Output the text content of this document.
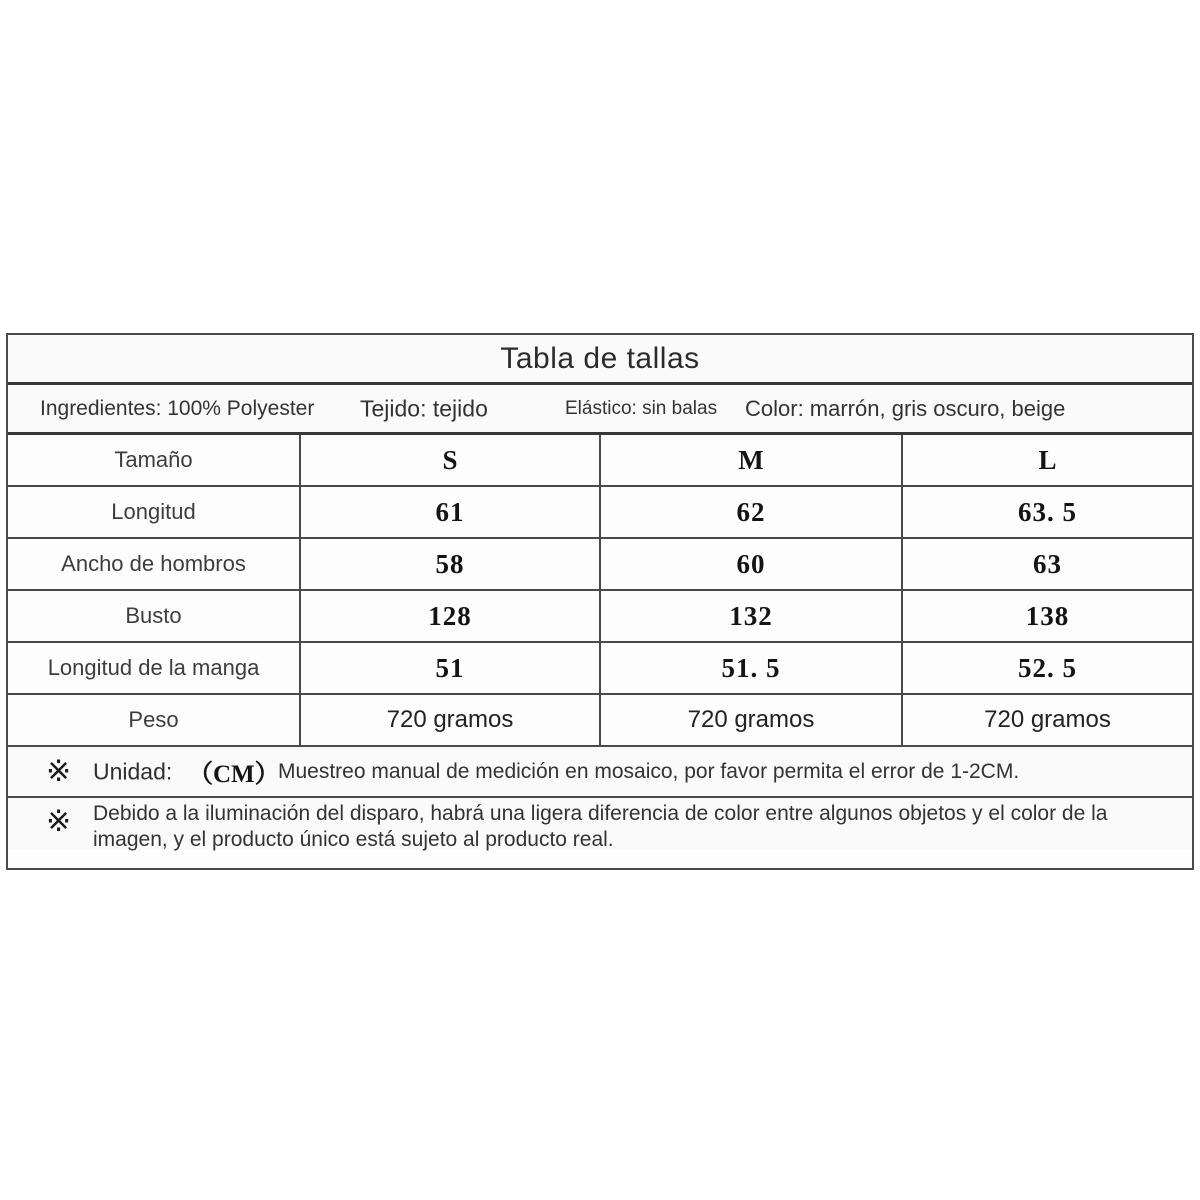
Tabla de tallas
Ingredientes: 100% Polyester Tejido: tejido	Elástico: sin balas Color: marrón, gris oscuro, beige
Tamaño	S	M	L
Longitud	61	62	63. 5
Ancho de hombros	58	60	63
Busto	128	132	138
Longitud de la manga	51	51. 5	52. 5
Peso	720 gramos	720 gramos	720 gramos
※ Unidad: （CM）
Muestreo manual de medición en mosaico, por favor permita el error de 1-2CM.
※ Debido a la iluminación del disparo, habrá una ligera diferencia de color entre algunos objetos y el color de la imagen, y el producto único está sujeto al producto real.
